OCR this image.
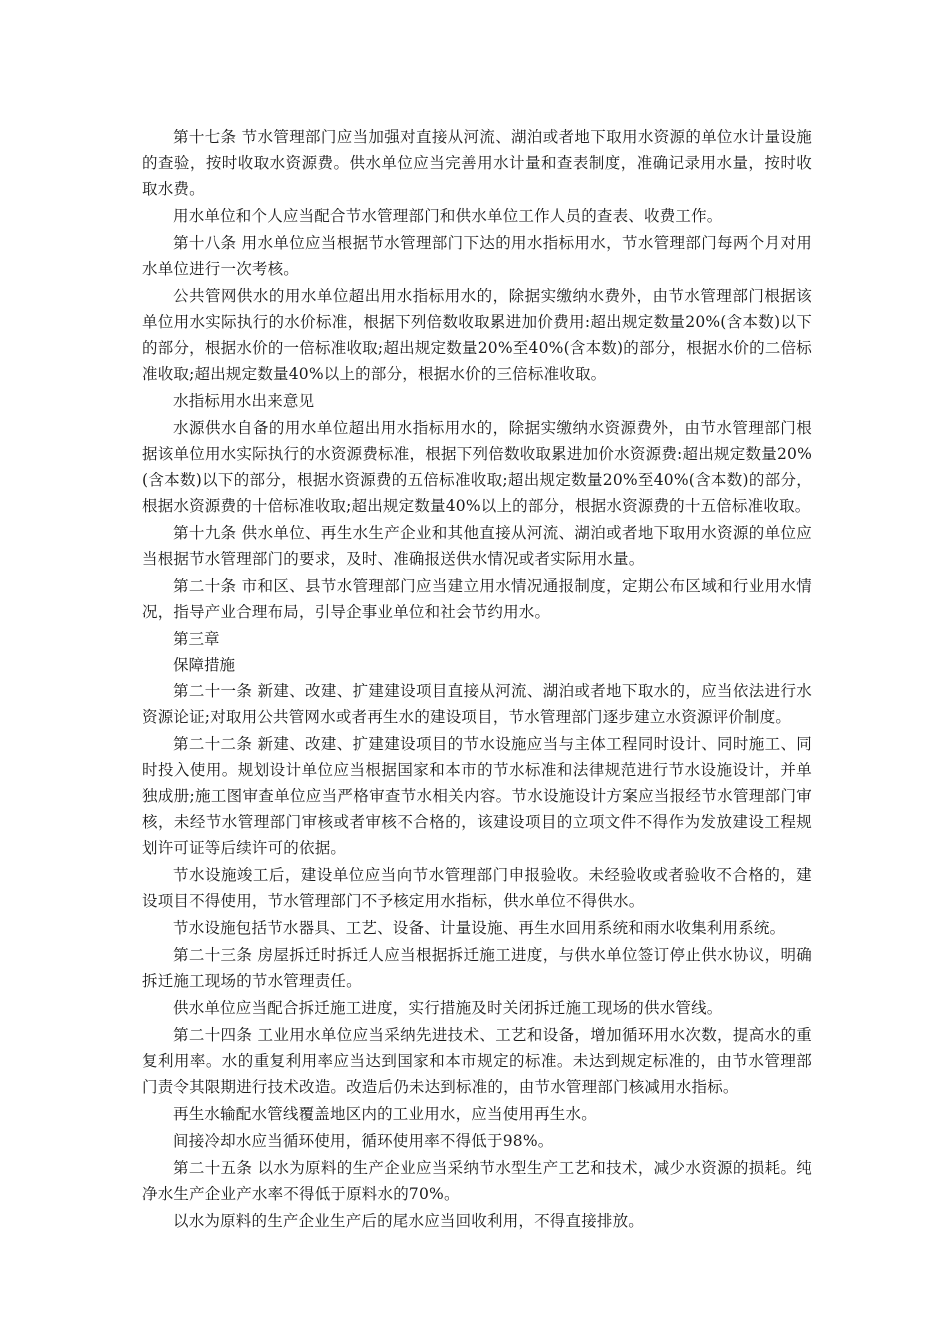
第十七条 节水管理部门应当加强对直接从河流、湖泊或者地下取用水资源的单位水计量设施的查验，按时收取水资源费。供水单位应当完善用水计量和查表制度，准确记录用水量，按时收取水费。

用水单位和个人应当配合节水管理部门和供水单位工作人员的查表、收费工作。

第十八条 用水单位应当根据节水管理部门下达的用水指标用水，节水管理部门每两个月对用水单位进行一次考核。

公共管网供水的用水单位超出用水指标用水的，除据实缴纳水费外，由节水管理部门根据该单位用水实际执行的水价标准，根据下列倍数收取累进加价费用:超出规定数量20%(含本数)以下的部分，根据水价的一倍标准收取;超出规定数量20%至40%(含本数)的部分，根据水价的二倍标准收取;超出规定数量40%以上的部分，根据水价的三倍标准收取。

水指标用水出来意见

水源供水自备的用水单位超出用水指标用水的，除据实缴纳水资源费外，由节水管理部门根据该单位用水实际执行的水资源费标准，根据下列倍数收取累进加价水资源费:超出规定数量20%(含本数)以下的部分，根据水资源费的五倍标准收取;超出规定数量20%至40%(含本数)的部分，根据水资源费的十倍标准收取;超出规定数量40%以上的部分，根据水资源费的十五倍标准收取。

第十九条 供水单位、再生水生产企业和其他直接从河流、湖泊或者地下取用水资源的单位应当根据节水管理部门的要求，及时、准确报送供水情况或者实际用水量。

第二十条 市和区、县节水管理部门应当建立用水情况通报制度，定期公布区域和行业用水情况，指导产业合理布局，引导企事业单位和社会节约用水。

第三章

保障措施

第二十一条 新建、改建、扩建建设项目直接从河流、湖泊或者地下取水的，应当依法进行水资源论证;对取用公共管网水或者再生水的建设项目，节水管理部门逐步建立水资源评价制度。

第二十二条 新建、改建、扩建建设项目的节水设施应当与主体工程同时设计、同时施工、同时投入使用。规划设计单位应当根据国家和本市的节水标准和法律规范进行节水设施设计，并单独成册;施工图审查单位应当严格审查节水相关内容。节水设施设计方案应当报经节水管理部门审核，未经节水管理部门审核或者审核不合格的，该建设项目的立项文件不得作为发放建设工程规划许可证等后续许可的依据。

节水设施竣工后，建设单位应当向节水管理部门申报验收。未经验收或者验收不合格的，建设项目不得使用，节水管理部门不予核定用水指标，供水单位不得供水。

节水设施包括节水器具、工艺、设备、计量设施、再生水回用系统和雨水收集利用系统。

第二十三条 房屋拆迁时拆迁人应当根据拆迁施工进度，与供水单位签订停止供水协议，明确拆迁施工现场的节水管理责任。

供水单位应当配合拆迁施工进度，实行措施及时关闭拆迁施工现场的供水管线。

第二十四条 工业用水单位应当采纳先进技术、工艺和设备，增加循环用水次数，提高水的重复利用率。水的重复利用率应当达到国家和本市规定的标准。未达到规定标准的，由节水管理部门责令其限期进行技术改造。改造后仍未达到标准的，由节水管理部门核减用水指标。

再生水输配水管线覆盖地区内的工业用水，应当使用再生水。

间接冷却水应当循环使用，循环使用率不得低于98%。

第二十五条 以水为原料的生产企业应当采纳节水型生产工艺和技术，减少水资源的损耗。纯净水生产企业产水率不得低于原料水的70%。

以水为原料的生产企业生产后的尾水应当回收利用，不得直接排放。
